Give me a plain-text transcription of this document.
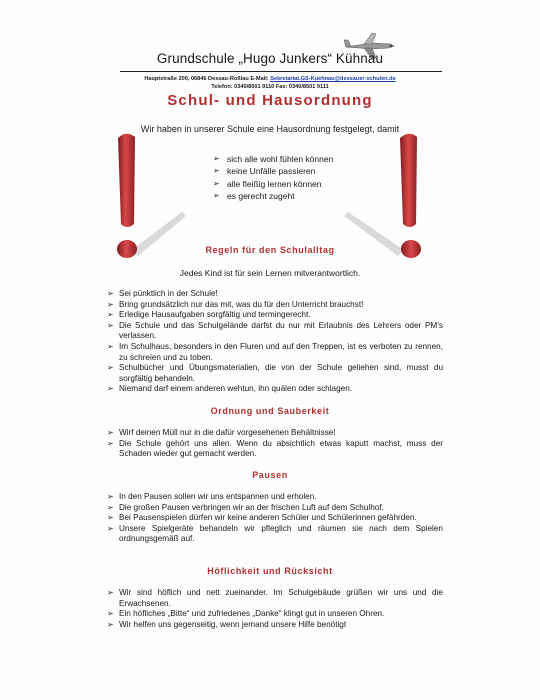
Grundschule „Hugo Junkers“ Kühnau
Hauptstraße 200, 06846 Dessau-Roßlau E-Mail: Sekretariat.GS-Kuehnau@dessauer-schulen.de
Telefon: 0340/8501 9110 Fax: 0340/8501 9111
Schul- und Hausordnung
Wir haben in unserer Schule eine Hausordnung festgelegt, damit
➢ sich alle wohl fühlen können
➢ keine Unfälle passieren
➢ alle fleißig lernen können
➢ es gerecht zugeht
Regeln für den Schulalltag
Jedes Kind ist für sein Lernen mitverantwortlich.
➢ Sei pünktlich in der Schule!
➢ Bring grundsätzlich nur das mit, was du für den Unterricht brauchst!
➢ Erledige Hausaufgaben sorgfältig und termingerecht.
➢ Die Schule und das Schulgelände darfst du nur mit Erlaubnis des Lehrers oder PM’s verlassen.
➢ Im Schulhaus, besonders in den Fluren und auf den Treppen, ist es verboten zu rennen, zu schreien und zu toben.
➢ Schulbücher und Übungsmaterialien, die von der Schule geliehen sind, musst du sorgfältig behandeln.
➢ Niemand darf einem anderen wehtun, ihn quälen oder schlagen.
Ordnung und Sauberkeit
➢ Wirf deinen Müll nur in die dafür vorgesehenen Behältnisse!
➢ Die Schule gehört uns allen. Wenn du absichtlich etwas kaputt machst, muss der Schaden wieder gut gemacht werden.
Pausen
➢ In den Pausen sollen wir uns entspannen und erholen.
➢ Die großen Pausen verbringen wir an der frischen Luft auf dem Schulhof.
➢ Bei Pausenspielen dürfen wir keine anderen Schüler und Schülerinnen gefährden.
➢ Unsere Spielgeräte behandeln wir pfleglich und räumen sie nach dem Spielen ordnungsgemäß auf.
Höflichkeit und Rücksicht
➢ Wir sind höflich und nett zueinander. Im Schulgebäude grüßen wir uns und die Erwachsenen.
➢ Ein höfliches „Bitte“ und zufriedenes „Danke“ klingt gut in unseren Ohren.
➢ Wir helfen uns gegenseitig, wenn jemand unsere Hilfe benötigt
